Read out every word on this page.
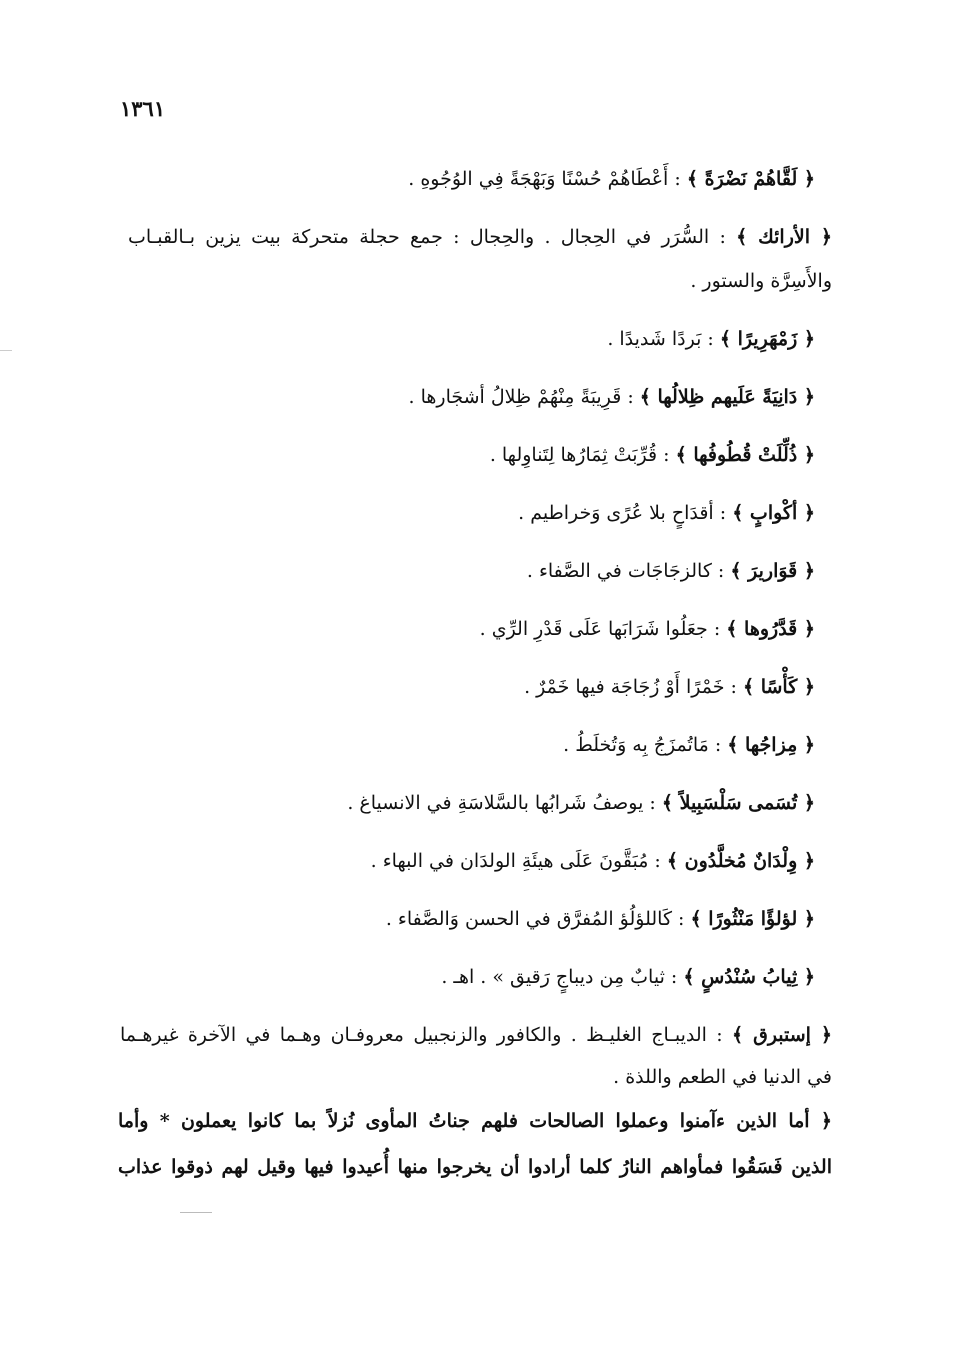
١٣٦١
﴿ لَقَّاهُمْ نَضْرَةً ﴾ : أَعْطَاهُمْ حُسْنًا وَبَهْجَةً فِي الوُجُوهِ .
﴿ الأرائك ﴾ : السُّرَر في الحِجال . والحِجال : جمع حجلة متحركة بيت يزين بـالقبـاب
والأَسِرَّة والستور .
﴿ زَمْهَرِيرًا ﴾ : بَردًا شَديدًا .
﴿ دَانِيَةً عَلَيهم ظِلالُها ﴾ : قَرِيبَةً مِنْهُمْ ظِلالُ أشجَارها .
﴿ ذُلِّلَتْ قُطُوفُها ﴾ : قُرِّبَتْ ثِمَارُها لِتَناوِلها .
﴿ أكْوابٍ ﴾ : أقدَاحٍ بلا عُرًى وَخراطيم .
﴿ قَوَاريرَ ﴾ : كالزجَاجَات في الصَّفاء .
﴿ قَدَّرُوها ﴾ : جعَلُوا شَرَابَها عَلَى قَدْرِ الرِّي .
﴿ كَأْسًا ﴾ : خَمْرًا أَوْ زُجَاجَة فيها خَمْرٌ .
﴿ مِزاجُها ﴾ : مَاتُمزَجُ بِه وَتُخلَطُ .
﴿ تُسَمى سَلْسَبِيلاً ﴾ : يوصفُ شَرابُها بالسَّلاسَةِ في الانسياغ .
﴿ وِلْدَانٌ مُخلَّدُون ﴾ : مُبَقَّونَ عَلَى هيئَةِ الولدَان في البهاء .
﴿ لؤلؤًا مَنْثُورًا ﴾ : كَاللؤلُؤ المُفرَّق في الحسن وَالصَّفاء .
﴿ ثِيابُ سُنْدُسٍ ﴾ : ثيابٌ مِن ديباجٍ رَقيق » . اهـ .
﴿ إستبرق ﴾ : الديبـاج الغليـظ . والكافور والزنجبيل معروفـان وهـما في الآخرة غيرهـما
في الدنيا في الطعم واللذة .
﴿ أما الذين ءآمنوا وعملوا الصالحات فلهم جناتُ المأوى نُزلاً بما كانوا يعملون * وأما
الذين فَسَقُوا فمأواهم النارُ كلما أرادوا أن يخرجوا منها أُعيدوا فيها وقيل لهم ذوقوا عذاب
